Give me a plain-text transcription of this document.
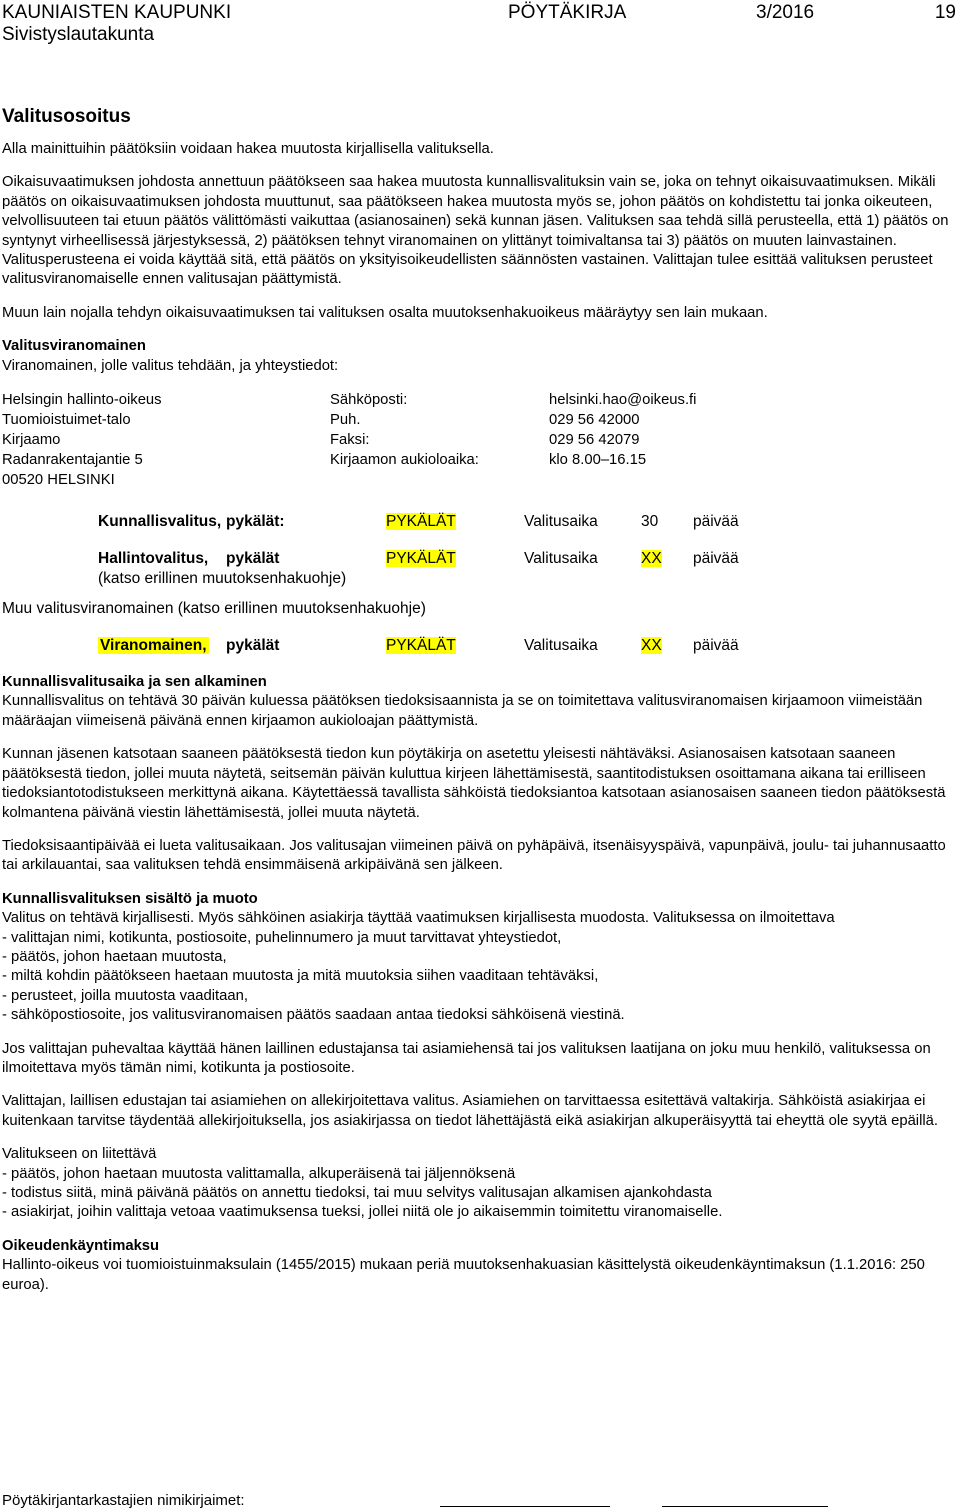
KAUNIAISTEN KAUPUNKI	PÖYTÄKIRJA	3/2016	19
Sivistyslautakunta

Valitusosoitus

Alla mainittuihin päätöksiin voidaan hakea muutosta kirjallisella valituksella.

Oikaisuvaatimuksen johdosta annettuun päätökseen saa hakea muutosta kunnallisvalituksin vain se, joka on tehnyt oikaisuvaatimuksen. Mikäli päätös on oikaisuvaatimuksen johdosta muuttunut, saa päätökseen hakea muutosta myös se, johon päätös on kohdistettu tai jonka oikeuteen, velvollisuuteen tai etuun päätös välittömästi vaikuttaa (asianosainen) sekä kunnan jäsen. Valituksen saa tehdä sillä perusteella, että 1) päätös on syntynyt virheellisessä järjestyksessä, 2) päätöksen tehnyt viranomainen on ylittänyt toimivaltansa tai 3) päätös on muuten lainvastainen. Valitusperusteena ei voida käyttää sitä, että päätös on yksityisoikeudellisten säännösten vastainen. Valittajan tulee esittää valituksen perusteet valitusviranomaiselle ennen valitusajan päättymistä.

Muun lain nojalla tehdyn oikaisuvaatimuksen tai valituksen osalta muutoksenhakuoikeus määräytyy sen lain mukaan.

Valitusviranomainen

Viranomainen, jolle valitus tehdään, ja yhteystiedot:

Helsingin hallinto-oikeus	Sähköposti:	helsinki.hao@oikeus.fi
Tuomioistuimet-talo	Puh.	029 56 42000
Kirjaamo	Faksi:	029 56 42079
Radanrakentajantie 5	Kirjaamon aukioloaika:	klo 8.00–16.15
00520 HELSINKI
Kunnallisvalitus, pykälät:	PYKÄLÄT	Valitusaika	30	päivää
Hallintovalitus,	pykälät	PYKÄLÄT	Valitusaika	XX	päivää

(katso erillinen muutoksenhakuohje)

Muu valitusviranomainen (katso erillinen muutoksenhakuohje)

Viranomainen,	pykälät	PYKÄLÄT	Valitusaika	XX	päivää

Kunnallisvalitusaika ja sen alkaminen

Kunnallisvalitus on tehtävä 30 päivän kuluessa päätöksen tiedoksisaannista ja se on toimitettava valitusviranomaisen kirjaamoon viimeistään määräajan viimeisenä päivänä ennen kirjaamon aukioloajan päättymistä.

Kunnan jäsenen katsotaan saaneen päätöksestä tiedon kun pöytäkirja on asetettu yleisesti nähtäväksi. Asianosaisen katsotaan saaneen päätöksestä tiedon, jollei muuta näytetä, seitsemän päivän kuluttua kirjeen lähettämisestä, saantitodistuksen osoittamana aikana tai erilliseen tiedoksiantotodistukseen merkittynä aikana. Käytettäessä tavallista sähköistä tiedoksiantoa katsotaan asianosaisen saaneen tiedon päätöksestä kolmantena päivänä viestin lähettämisestä, jollei muuta näytetä.

Tiedoksisaantipäivää ei lueta valitusaikaan. Jos valitusajan viimeinen päivä on pyhäpäivä, itsenäisyyspäivä, vapunpäivä, joulu- tai juhannusaatto tai arkilauantai, saa valituksen tehdä ensimmäisenä arkipäivänä sen jälkeen.

Kunnallisvalituksen sisältö ja muoto

Valitus on tehtävä kirjallisesti. Myös sähköinen asiakirja täyttää vaatimuksen kirjallisesta muodosta. Valituksessa on ilmoitettava

- valittajan nimi, kotikunta, postiosoite, puhelinnumero ja muut tarvittavat yhteystiedot,

- päätös, johon haetaan muutosta,

- miltä kohdin päätökseen haetaan muutosta ja mitä muutoksia siihen vaaditaan tehtäväksi,

- perusteet, joilla muutosta vaaditaan,

- sähköpostiosoite, jos valitusviranomaisen päätös saadaan antaa tiedoksi sähköisenä viestinä.

Jos valittajan puhevaltaa käyttää hänen laillinen edustajansa tai asiamiehensä tai jos valituksen laatijana on joku muu henkilö, valituksessa on ilmoitettava myös tämän nimi, kotikunta ja postiosoite.

Valittajan, laillisen edustajan tai asiamiehen on allekirjoitettava valitus. Asiamiehen on tarvittaessa esitettävä valtakirja. Sähköistä asiakirjaa ei kuitenkaan tarvitse täydentää allekirjoituksella, jos asiakirjassa on tiedot lähettäjästä eikä asiakirjan alkuperäisyyttä tai eheyttä ole syytä epäillä.

Valitukseen on liitettävä

- päätös, johon haetaan muutosta valittamalla, alkuperäisenä tai jäljennöksenä

- todistus siitä, minä päivänä päätös on annettu tiedoksi, tai muu selvitys valitusajan alkamisen ajankohdasta

- asiakirjat, joihin valittaja vetoaa vaatimuksensa tueksi, jollei niitä ole jo aikaisemmin toimitettu viranomaiselle.

Oikeudenkäyntimaksu

Hallinto-oikeus voi tuomioistuinmaksulain (1455/2015) mukaan periä muutoksenhakuasian käsittelystä oikeudenkäyntimaksun (1.1.2016: 250 euroa).

Pöytäkirjantarkastajien nimikirjaimet:
